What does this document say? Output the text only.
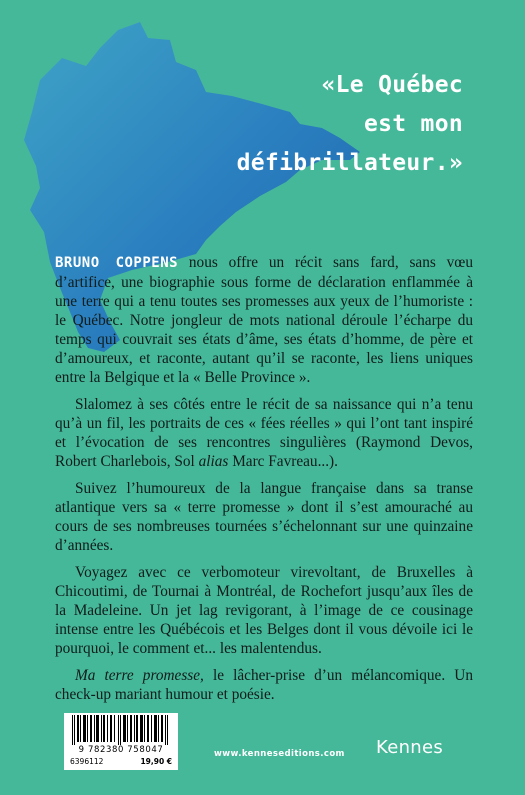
«Le Québec
est mon
défibrillateur.»

BRUNO COPPENS nous offre un récit sans fard, sans vœu d’artifice, une biographie sous forme de déclaration enflammée à une terre qui a tenu toutes ses promesses aux yeux de l’humoriste : le Québec. Notre jongleur de mots national déroule l’écharpe du temps qui couvrait ses états d’âme, ses états d’homme, de père et d’amoureux, et raconte, autant qu’il se raconte, les liens uniques entre la Belgique et la « Belle Province ».

Slalomez à ses côtés entre le récit de sa naissance qui n’a tenu qu’à un fil, les portraits de ces « fées réelles » qui l’ont tant inspiré et l’évocation de ses rencontres singulières (Raymond Devos, Robert Charlebois, Sol alias Marc Favreau...).

Suivez l’humoureux de la langue française dans sa transe atlantique vers sa « terre promesse » dont il s’est amouraché au cours de ses nombreuses tournées s’échelonnant sur une quinzaine d’années.

Voyagez avec ce verbomoteur virevoltant, de Bruxelles à Chicoutimi, de Tournai à Montréal, de Rochefort jusqu’aux îles de la Madeleine. Un jet lag revigorant, à l’image de ce cousinage intense entre les Québécois et les Belges dont il vous dévoile ici le pourquoi, le comment et... les malentendus.

Ma terre promesse, le lâcher-prise d’un mélancomique. Un check-up mariant humour et poésie.

9 782380 758047
6396112	19,90 €
www.kenneseditions.com Kennes
